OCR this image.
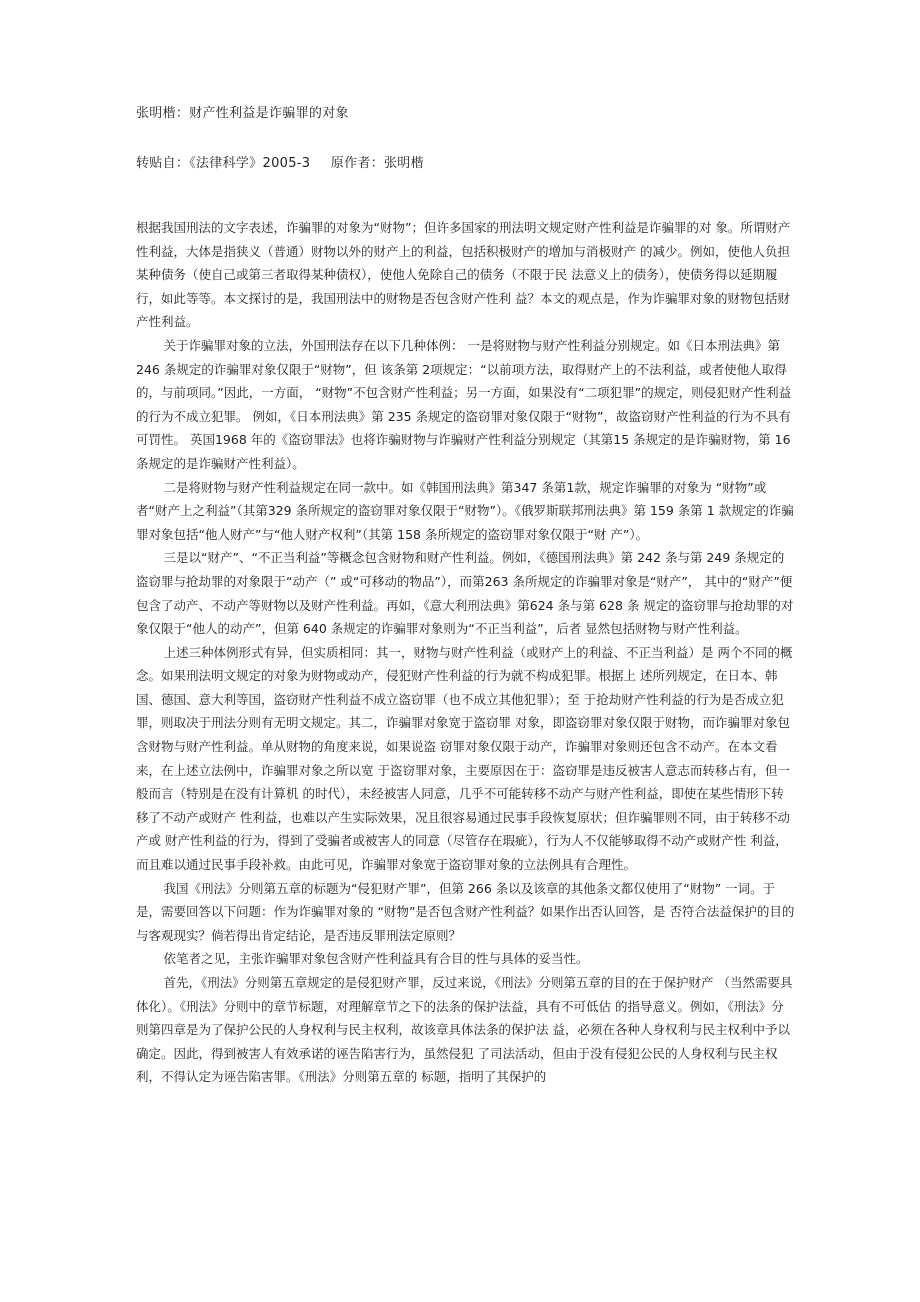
张明楷：财产性利益是诈骗罪的对象
转贴自：《法律科学》2005-3 原作者：张明楷

根据我国刑法的文字表述，诈骗罪的对象为“财物”；但许多国家的刑法明文规定财产性利益是诈骗罪的对 象。所谓财产性利益，大体是指狭义（普通）财物以外的财产上的利益，包括积极财产的增加与消极财产 的减少。例如，使他人负担某种债务（使自己或第三者取得某种债权），使他人免除自己的债务（不限于民 法意义上的债务），使债务得以延期履行，如此等等。本文探讨的是，我国刑法中的财物是否包含财产性利 益？本文的观点是，作为诈骗罪对象的财物包括财产性利益。

关于诈骗罪对象的立法，外国刑法存在以下几种体例： 一是将财物与财产性利益分别规定。如《日本刑法典》第 246 条规定的诈骗罪对象仅限于“财物”，但 该条第 2项规定：“以前项方法，取得财产上的不法利益，或者使他人取得的，与前项同。”因此，一方面， “财物”不包含财产性利益；另一方面，如果没有“二项犯罪”的规定，则侵犯财产性利益的行为不成立犯罪。 例如，《日本刑法典》第 235 条规定的盗窃罪对象仅限于“财物”，故盗窃财产性利益的行为不具有可罚性。 英国1968 年的《盗窃罪法》也将诈骗财物与诈骗财产性利益分别规定（其第15 条规定的是诈骗财物，第 16 条规定的是诈骗财产性利益）。

二是将财物与财产性利益规定在同一款中。如《韩国刑法典》第347 条第1款，规定诈骗罪的对象为 “财物”或者“财产上之利益”（其第329 条所规定的盗窃罪对象仅限于“财物”）。《俄罗斯联邦刑法典》第 159 条第 1 款规定的诈骗罪对象包括“他人财产”与“他人财产权利”（其第 158 条所规定的盗窃罪对象仅限于“财 产”）。

三是以“财产”、“不正当利益”等概念包含财物和财产性利益。例如，《德国刑法典》第 242 条与第 249 条规定的盗窃罪与抢劫罪的对象限于“动产（” 或“可移动的物品”），而第263 条所规定的诈骗罪对象是“财产”， 其中的“财产”便包含了动产、不动产等财物以及财产性利益。再如，《意大利刑法典》第624 条与第 628 条 规定的盗窃罪与抢劫罪的对象仅限于“他人的动产”，但第 640 条规定的诈骗罪对象则为“不正当利益”，后者 显然包括财物与财产性利益。

上述三种体例形式有异，但实质相同：其一，财物与财产性利益（或财产上的利益、不正当利益）是 两个不同的概念。如果刑法明文规定的对象为财物或动产，侵犯财产性利益的行为就不构成犯罪。根据上 述所列规定，在日本、韩国、德国、意大利等国，盗窃财产性利益不成立盗窃罪（也不成立其他犯罪）；至 于抢劫财产性利益的行为是否成立犯罪，则取决于刑法分则有无明文规定。其二，诈骗罪对象宽于盗窃罪 对象，即盗窃罪对象仅限于财物，而诈骗罪对象包含财物与财产性利益。单从财物的角度来说，如果说盗 窃罪对象仅限于动产，诈骗罪对象则还包含不动产。在本文看来，在上述立法例中，诈骗罪对象之所以宽 于盗窃罪对象，主要原因在于：盗窃罪是违反被害人意志而转移占有，但一般而言（特别是在没有计算机 的时代），未经被害人同意，几乎不可能转移不动产与财产性利益，即使在某些情形下转移了不动产或财产 性利益，也难以产生实际效果，况且很容易通过民事手段恢复原状；但诈骗罪则不同，由于转移不动产或 财产性利益的行为，得到了受骗者或被害人的同意（尽管存在瑕疵），行为人不仅能够取得不动产或财产性 利益，而且难以通过民事手段补救。由此可见，诈骗罪对象宽于盗窃罪对象的立法例具有合理性。

我国《刑法》分则第五章的标题为“侵犯财产罪”，但第 266 条以及该章的其他条文都仅使用了“财物” 一词。于是，需要回答以下问题：作为诈骗罪对象的 “财物”是否包含财产性利益？如果作出否认回答，是 否符合法益保护的目的与客观现实？倘若得出肯定结论，是否违反罪刑法定原则？

依笔者之见，主张诈骗罪对象包含财产性利益具有合目的性与具体的妥当性。

首先，《刑法》分则第五章规定的是侵犯财产罪，反过来说，《刑法》分则第五章的目的在于保护财产 （当然需要具体化）。《刑法》分则中的章节标题，对理解章节之下的法条的保护法益，具有不可低估 的指导意义。例如，《刑法》分则第四章是为了保护公民的人身权利与民主权利，故该章具体法条的保护法 益，必须在各种人身权利与民主权利中予以确定。因此，得到被害人有效承诺的诬告陷害行为，虽然侵犯 了司法活动，但由于没有侵犯公民的人身权利与民主权利，不得认定为诬告陷害罪。《刑法》分则第五章的 标题，指明了其保护的
